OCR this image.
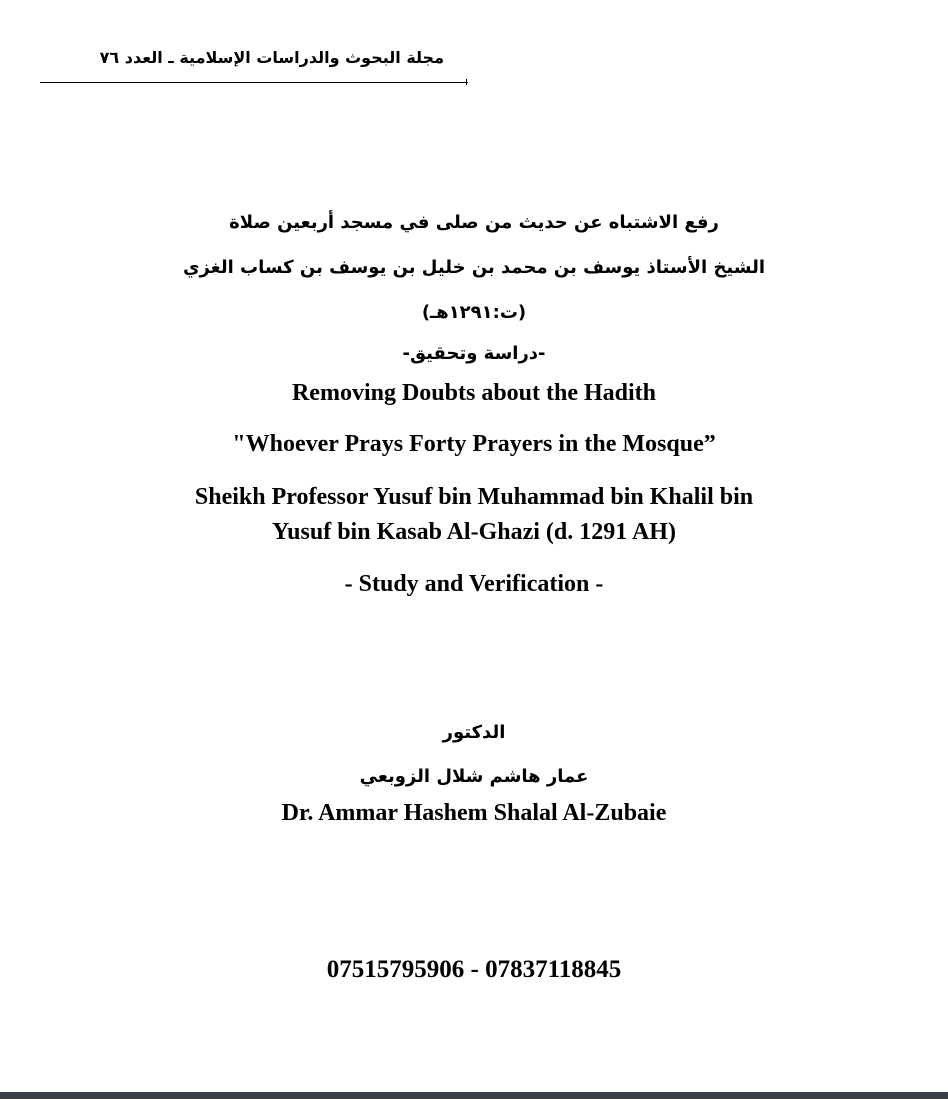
مجلة البحوث والدراسات الإسلامية ـ العدد ٧٦
رفع الاشتباه عن حديث من صلى في مسجد أربعين صلاة
الشيخ الأستاذ يوسف بن محمد بن خليل بن يوسف بن كساب الغزي
(ت:١٢٩١هـ)
-دراسة وتحقيق-
Removing Doubts about the Hadith
"Whoever Prays Forty Prayers in the Mosque”
Sheikh Professor Yusuf bin Muhammad bin Khalil bin
Yusuf bin Kasab Al-Ghazi (d. 1291 AH)
- Study and Verification -
الدكتور
عمار هاشم شلال الزوبعي
Dr. Ammar Hashem Shalal Al-Zubaie
07515795906 - 07837118845
